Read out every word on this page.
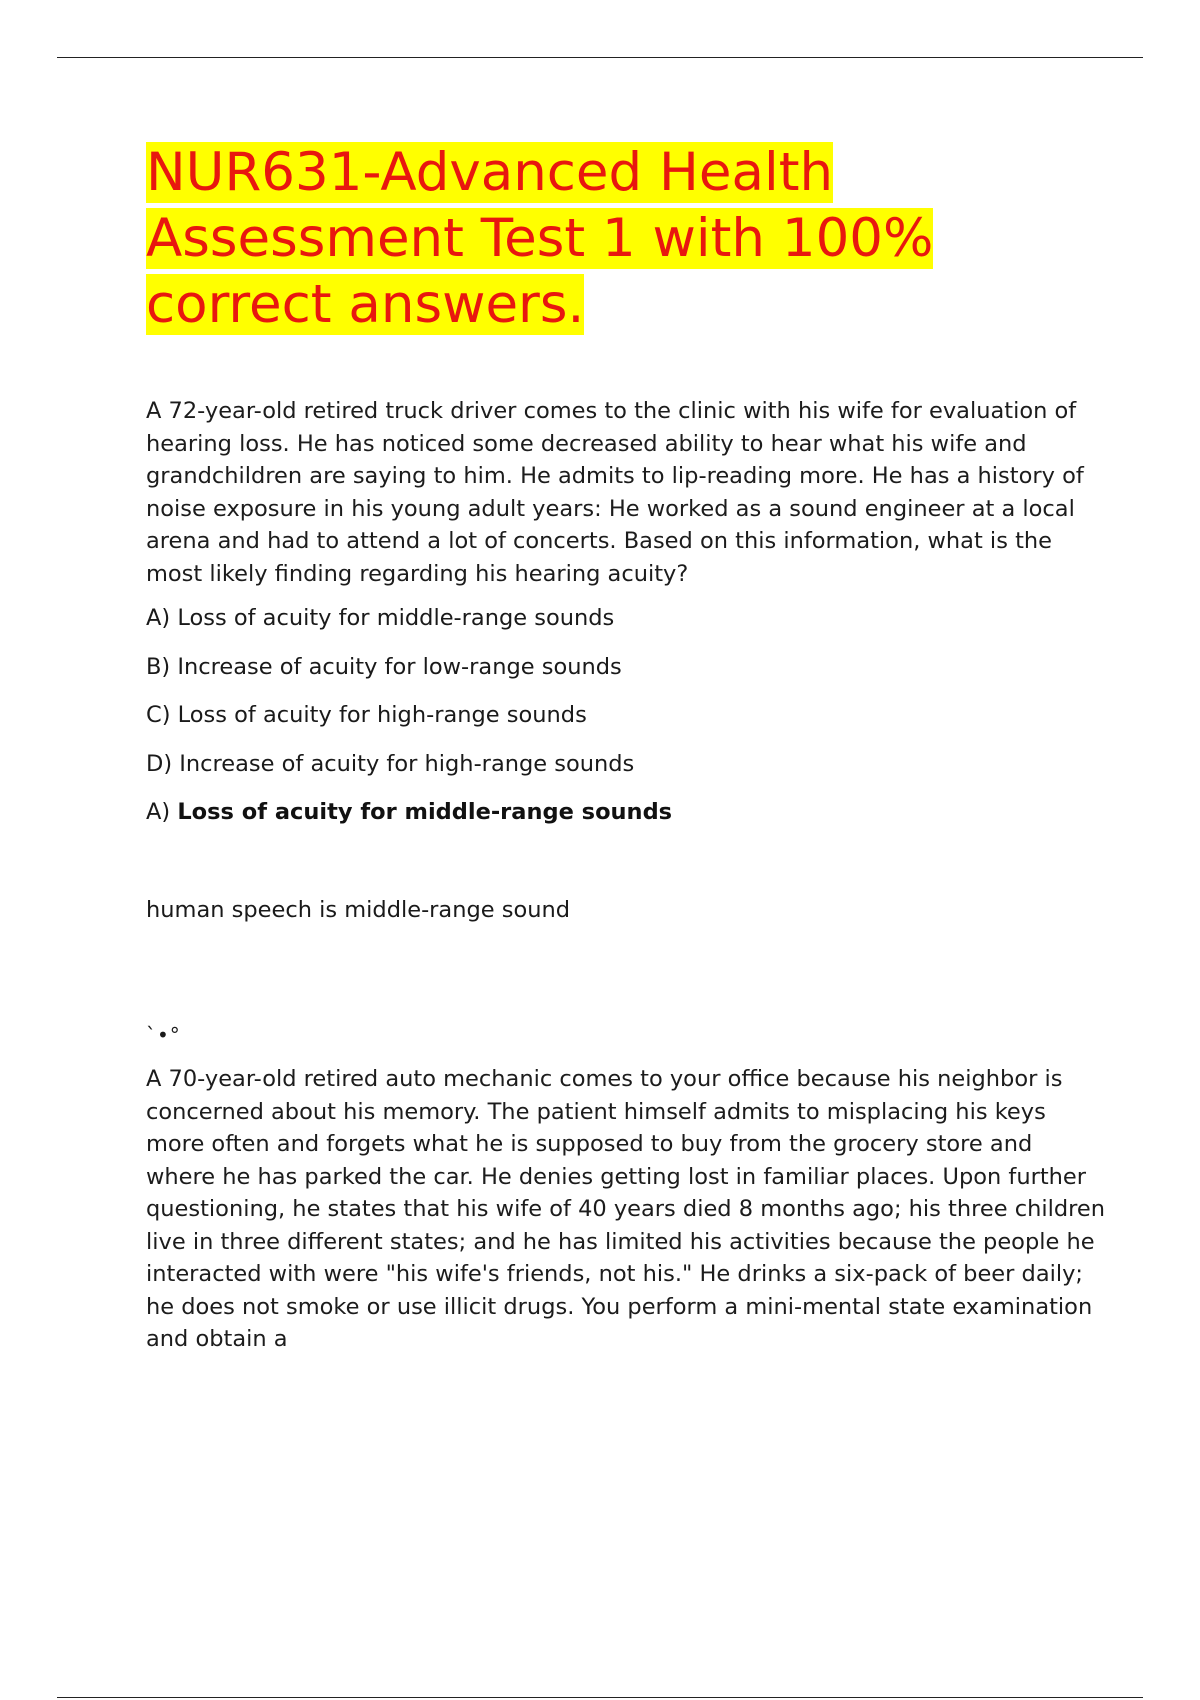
NUR631-Advanced Health Assessment Test 1 with 100% correct answers.

A 72-year-old retired truck driver comes to the clinic with his wife for evaluation of hearing loss. He has noticed some decreased ability to hear what his wife and grandchildren are saying to him. He admits to lip-reading more. He has a history of noise exposure in his young adult years: He worked as a sound engineer at a local arena and had to attend a lot of concerts. Based on this information, what is the most likely finding regarding his hearing acuity?

A) Loss of acuity for middle-range sounds

B) Increase of acuity for low-range sounds

C) Loss of acuity for high-range sounds

D) Increase of acuity for high-range sounds

A) Loss of acuity for middle-range sounds

human speech is middle-range sound

`•°

A 70-year-old retired auto mechanic comes to your office because his neighbor is concerned about his memory. The patient himself admits to misplacing his keys more often and forgets what he is supposed to buy from the grocery store and where he has parked the car. He denies getting lost in familiar places. Upon further questioning, he states that his wife of 40 years died 8 months ago; his three children live in three different states; and he has limited his activities because the people he interacted with were "his wife's friends, not his." He drinks a six-pack of beer daily; he does not smoke or use illicit drugs. You perform a mini-mental state examination and obtain a
